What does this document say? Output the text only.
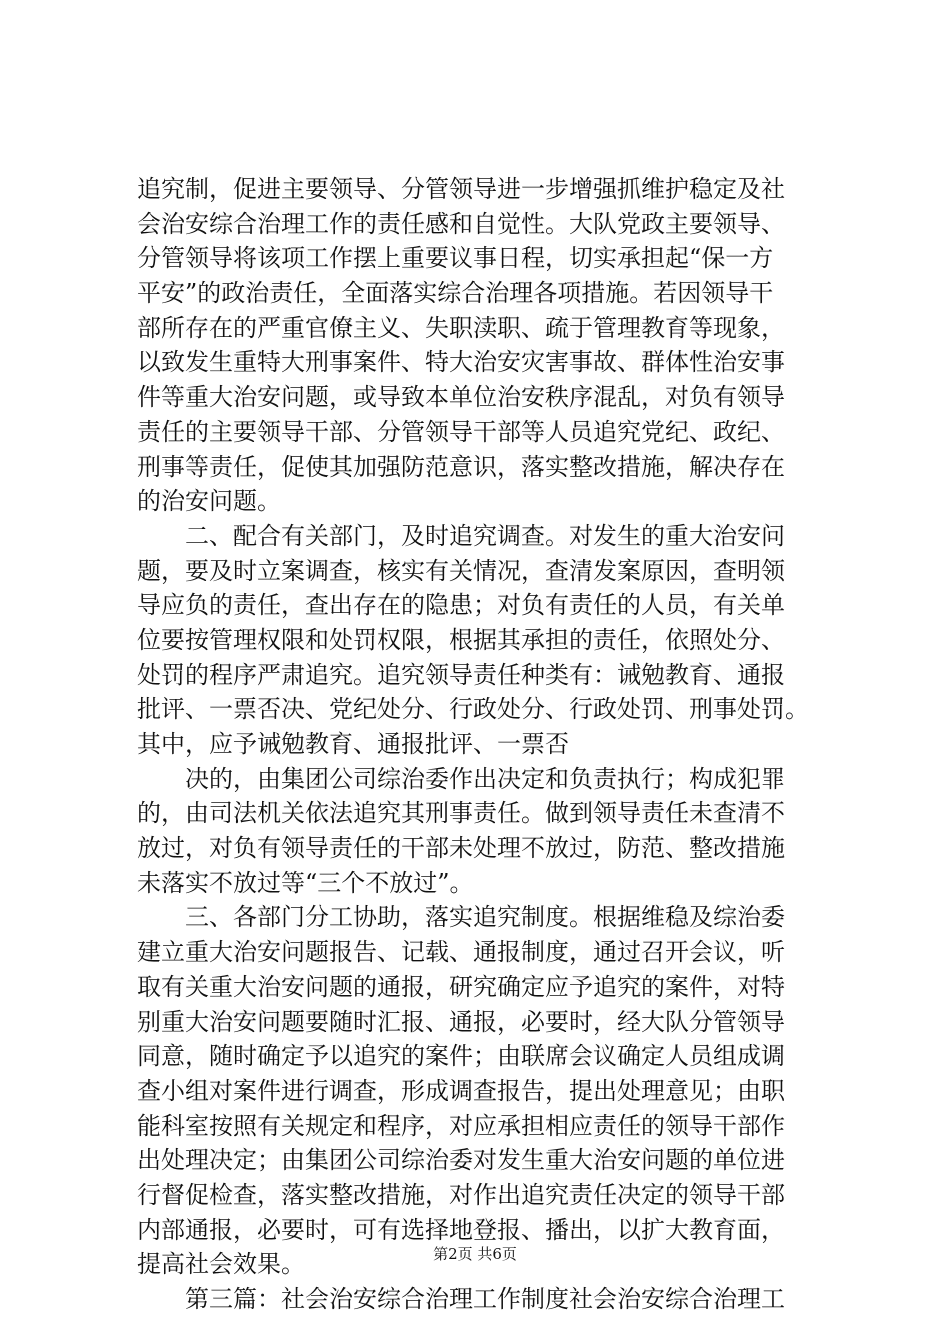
追究制，促进主要领导、分管领导进一步增强抓维护稳定及社
会治安综合治理工作的责任感和自觉性。大队党政主要领导、
分管领导将该项工作摆上重要议事日程，切实承担起“保一方
平安”的政治责任，全面落实综合治理各项措施。若因领导干
部所存在的严重官僚主义、失职渎职、疏于管理教育等现象，
以致发生重特大刑事案件、特大治安灾害事故、群体性治安事
件等重大治安问题，或导致本单位治安秩序混乱，对负有领导
责任的主要领导干部、分管领导干部等人员追究党纪、政纪、
刑事等责任，促使其加强防范意识，落实整改措施，解决存在
的治安问题。
　　二、配合有关部门，及时追究调查。对发生的重大治安问
题，要及时立案调查，核实有关情况，查清发案原因，查明领
导应负的责任，查出存在的隐患；对负有责任的人员，有关单
位要按管理权限和处罚权限，根据其承担的责任，依照处分、
处罚的程序严肃追究。追究领导责任种类有：诫勉教育、通报
批评、一票否决、党纪处分、行政处分、行政处罚、刑事处罚。
其中，应予诫勉教育、通报批评、一票否
　　决的，由集团公司综治委作出决定和负责执行；构成犯罪
的，由司法机关依法追究其刑事责任。做到领导责任未查清不
放过，对负有领导责任的干部未处理不放过，防范、整改措施
未落实不放过等“三个不放过”。
　　三、各部门分工协助，落实追究制度。根据维稳及综治委
建立重大治安问题报告、记载、通报制度，通过召开会议，听
取有关重大治安问题的通报，研究确定应予追究的案件，对特
别重大治安问题要随时汇报、通报，必要时，经大队分管领导
同意，随时确定予以追究的案件；由联席会议确定人员组成调
查小组对案件进行调查，形成调查报告，提出处理意见；由职
能科室按照有关规定和程序，对应承担相应责任的领导干部作
出处理决定；由集团公司综治委对发生重大治安问题的单位进
行督促检查，落实整改措施，对作出追究责任决定的领导干部
内部通报，必要时，可有选择地登报、播出，以扩大教育面，
提高社会效果。
　　第三篇：社会治安综合治理工作制度社会治安综合治理工
第2页 共6页
